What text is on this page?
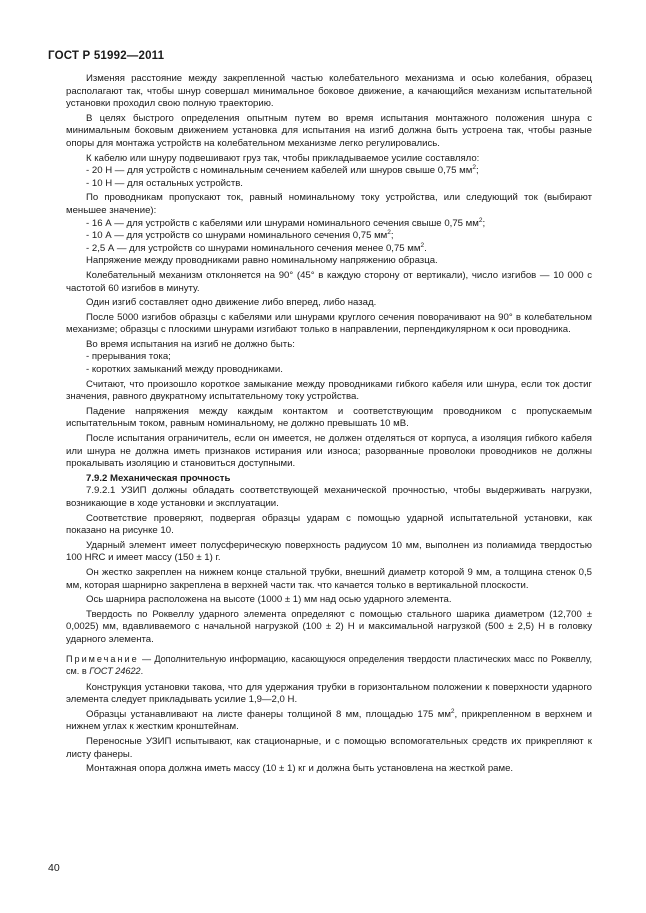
ГОСТ Р 51992—2011

Изменяя расстояние между закрепленной частью колебательного механизма и осью колебания, образец располагают так, чтобы шнур совершал минимальное боковое движение, а качающийся механизм испытательной установки проходил свою полную траекторию.

В целях быстрого определения опытным путем во время испытания монтажного положения шнура с минимальным боковым движением установка для испытания на изгиб должна быть устроена так, чтобы разные опоры для монтажа устройств на колебательном механизме легко регулировались.

К кабелю или шнуру подвешивают груз так, чтобы прикладываемое усилие составляло:

- 20 Н — для устройств с номинальным сечением кабелей или шнуров свыше 0,75 $мм^2$;

- 10 Н — для остальных устройств.

По проводникам пропускают ток, равный номинальному току устройства, или следующий ток (выбирают меньшее значение):

- 16 А — для устройств с кабелями или шнурами номинального сечения свыше 0,75 $мм^2$;

- 10 А — для устройств со шнурами номинального сечения 0,75 $мм^2$;

- 2,5 А — для устройств со шнурами номинального сечения менее 0,75 $мм^2$.

Напряжение между проводниками равно номинальному напряжению образца.

Колебательный механизм отклоняется на 90° (45° в каждую сторону от вертикали), число изгибов — 10 000 с частотой 60 изгибов в минуту.

Один изгиб составляет одно движение либо вперед, либо назад.

После 5000 изгибов образцы с кабелями или шнурами круглого сечения поворачивают на 90° в колебательном механизме; образцы с плоскими шнурами изгибают только в направлении, перпендикулярном к оси проводника.

Во время испытания на изгиб не должно быть:

- прерывания тока;

- коротких замыканий между проводниками.

Считают, что произошло короткое замыкание между проводниками гибкого кабеля или шнура, если ток достиг значения, равного двукратному испытательному току устройства.

Падение напряжения между каждым контактом и соответствующим проводником с пропускаемым испытательным током, равным номинальному, не должно превышать 10 мВ.

После испытания ограничитель, если он имеется, не должен отделяться от корпуса, а изоляция гибкого кабеля или шнура не должна иметь признаков истирания или износа; разорванные проволоки проводников не должны прокалывать изоляцию и становиться доступными.

7.9.2 Механическая прочность

7.9.2.1 УЗИП должны обладать соответствующей механической прочностью, чтобы выдерживать нагрузки, возникающие в ходе установки и эксплуатации.

Соответствие проверяют, подвергая образцы ударам с помощью ударной испытательной установки, как показано на рисунке 10.

Ударный элемент имеет полусферическую поверхность радиусом 10 мм, выполнен из полиамида твердостью 100 HRC и имеет массу (150 ± 1) г.

Он жестко закреплен на нижнем конце стальной трубки, внешний диаметр которой 9 мм, а толщина стенок 0,5 мм, которая шарнирно закреплена в верхней части так. что качается только в вертикальной плоскости.

Ось шарнира расположена на высоте (1000 ± 1) мм над осью ударного элемента.

Твердость по Роквеллу ударного элемента определяют с помощью стального шарика диаметром (12,700 ± 0,0025) мм, вдавливаемого с начальной нагрузкой (100 ± 2) Н и максимальной нагрузкой (500 ± 2,5) Н в головку ударного элемента.

Примечание — Дополнительную информацию, касающуюся определения твердости пластических масс по Роквеллу, см. в ГОСТ 24622.

Конструкция установки такова, что для удержания трубки в горизонтальном положении к поверхности ударного элемента следует прикладывать усилие 1,9—2,0 Н.

Образцы устанавливают на листе фанеры толщиной 8 мм, площадью 175 $мм^2$, прикрепленном в верхнем и нижнем углах к жестким кронштейнам.

Переносные УЗИП испытывают, как стационарные, и с помощью вспомогательных средств их прикрепляют к листу фанеры.

Монтажная опора должна иметь массу (10 ± 1) кг и должна быть установлена на жесткой раме.

40
